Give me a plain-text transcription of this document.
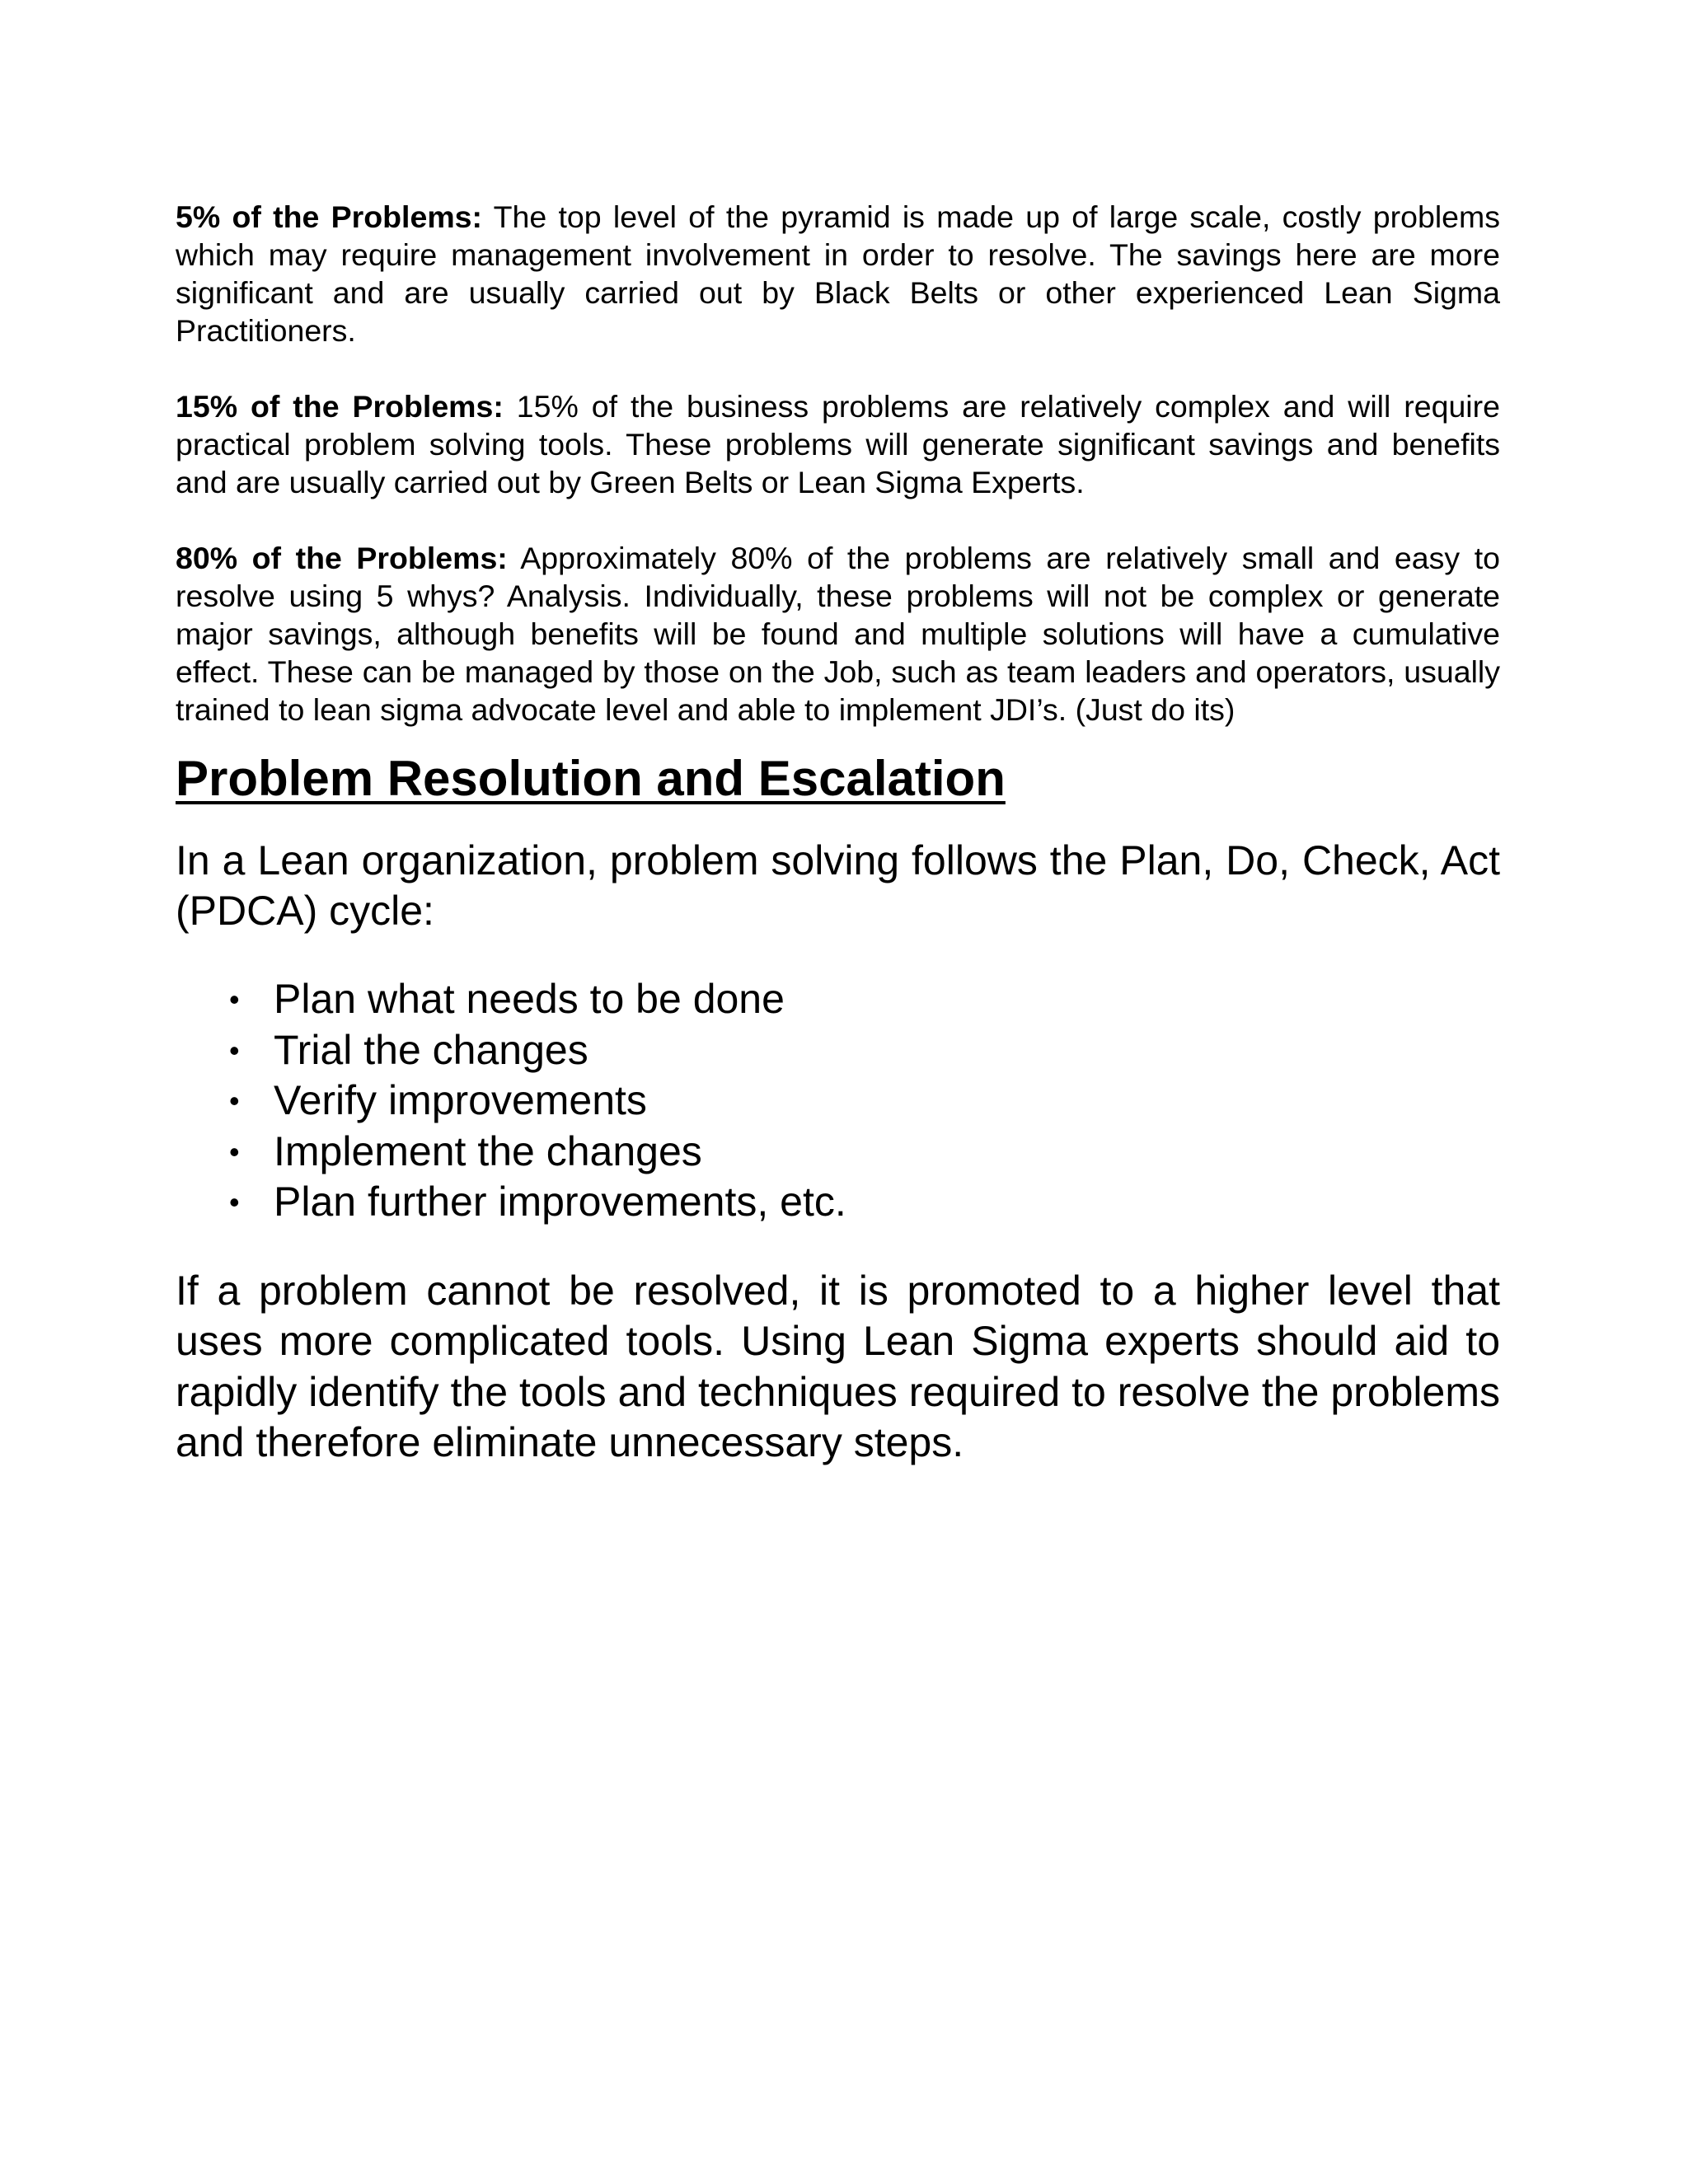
5% of the Problems: The top level of the pyramid is made up of large scale, costly problems which may require management involvement in order to resolve. The savings here are more significant and are usually carried out by Black Belts or other experienced Lean Sigma Practitioners.

15% of the Problems: 15% of the business problems are relatively complex and will require practical problem solving tools. These problems will generate significant savings and benefits and are usually carried out by Green Belts or Lean Sigma Experts.

80% of the Problems: Approximately 80% of the problems are relatively small and easy to resolve using 5 whys? Analysis. Individually, these problems will not be complex or generate major savings, although benefits will be found and multiple solutions will have a cumulative effect. These can be managed by those on the Job, such as team leaders and operators, usually trained to lean sigma advocate level and able to implement JDI’s. (Just do its)

Problem Resolution and Escalation

In a Lean organization, problem solving follows the Plan, Do, Check, Act (PDCA) cycle:

• Plan what needs to be done
• Trial the changes
• Verify improvements
• Implement the changes
• Plan further improvements, etc.

If a problem cannot be resolved, it is promoted to a higher level that uses more complicated tools. Using Lean Sigma experts should aid to rapidly identify the tools and techniques required to resolve the problems and therefore eliminate unnecessary steps.
